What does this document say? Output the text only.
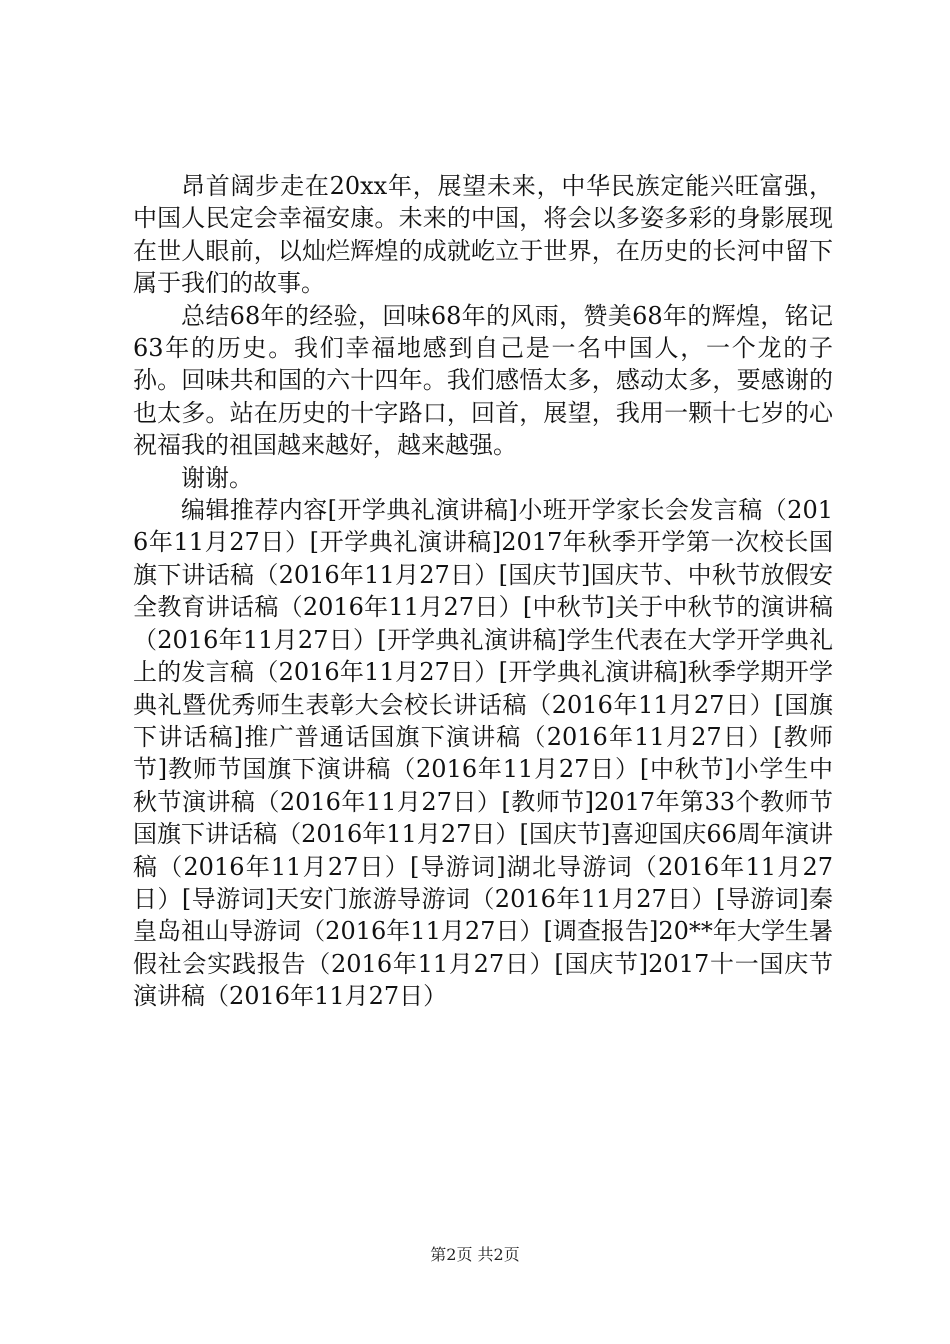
昂首阔步走在20xx年，展望未来，中华民族定能兴旺富强，中国人民定会幸福安康。未来的中国，将会以多姿多彩的身影展现在世人眼前，以灿烂辉煌的成就屹立于世界，在历史的长河中留下属于我们的故事。

总结68年的经验，回味68年的风雨，赞美68年的辉煌，铭记63年的历史。我们幸福地感到自己是一名中国人，一个龙的子孙。回味共和国的六十四年。我们感悟太多，感动太多，要感谢的也太多。站在历史的十字路口，回首，展望，我用一颗十七岁的心祝福我的祖国越来越好，越来越强。

谢谢。

编辑推荐内容[开学典礼演讲稿]小班开学家长会发言稿（2016年11月27日）[开学典礼演讲稿]2017年秋季开学第一次校长国旗下讲话稿（2016年11月27日）[国庆节]国庆节、中秋节放假安全教育讲话稿（2016年11月27日）[中秋节]关于中秋节的演讲稿（2016年11月27日）[开学典礼演讲稿]学生代表在大学开学典礼上的发言稿（2016年11月27日）[开学典礼演讲稿]秋季学期开学典礼暨优秀师生表彰大会校长讲话稿（2016年11月27日）[国旗下讲话稿]推广普通话国旗下演讲稿（2016年11月27日）[教师节]教师节国旗下演讲稿（2016年11月27日）[中秋节]小学生中秋节演讲稿（2016年11月27日）[教师节]2017年第33个教师节国旗下讲话稿（2016年11月27日）[国庆节]喜迎国庆66周年演讲稿（2016年11月27日）[导游词]湖北导游词（2016年11月27日）[导游词]天安门旅游导游词（2016年11月27日）[导游词]秦皇岛祖山导游词（2016年11月27日）[调查报告]20**年大学生暑假社会实践报告（2016年11月27日）[国庆节]2017十一国庆节演讲稿（2016年11月27日）

第2页 共2页
